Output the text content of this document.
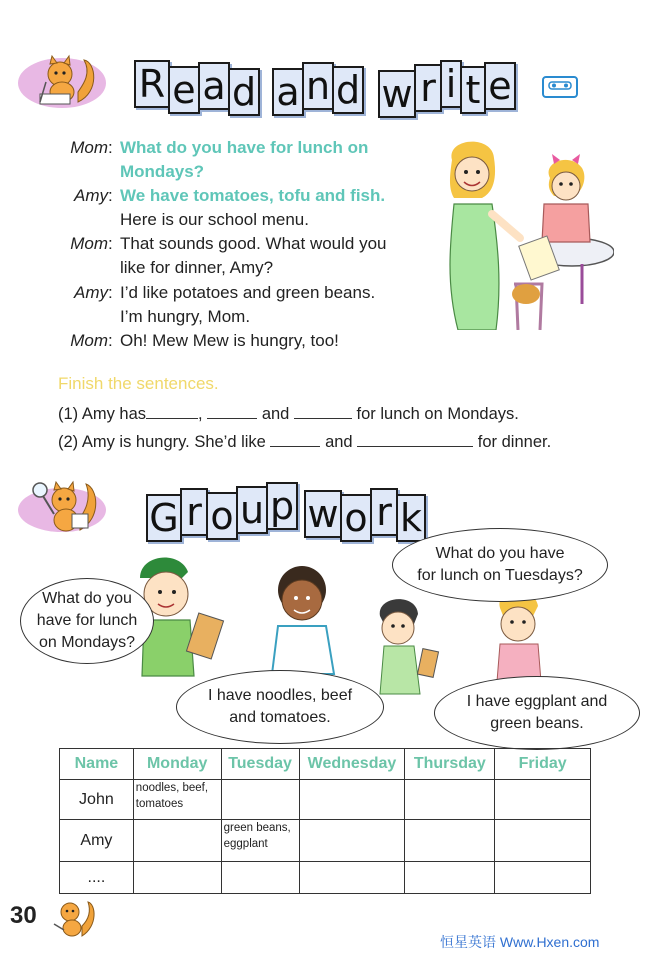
R e a d a n d w r i t e
Mom : What do you have for lunch on
Mondays?
Amy : We have tomatoes, tofu and fish.
Here is our school menu.
Mom : That sounds good. What would you
like for dinner, Amy?
Amy : I’d like potatoes and green beans.
I’m hungry, Mom.
Mom : Oh! Mew Mew is hungry, too!
Finish the sentences.
(1) Amy has	,	and	for lunch on Mondays.
(2) Amy is hungry. She’d like	and	for dinner.
G r o u p w o r k
What do you
have for lunch
on Mondays?
What do you have
for lunch on Tuesdays?
I have noodles, beef
and tomatoes.
I have eggplant and
green beans.
Name	Monday	Tuesday	Wednesday	Thursday	Friday
John	noodles, beef, tomatoes				
Amy		green beans, eggplant			
....					
30
恒星英语 Www.Hxen.com
